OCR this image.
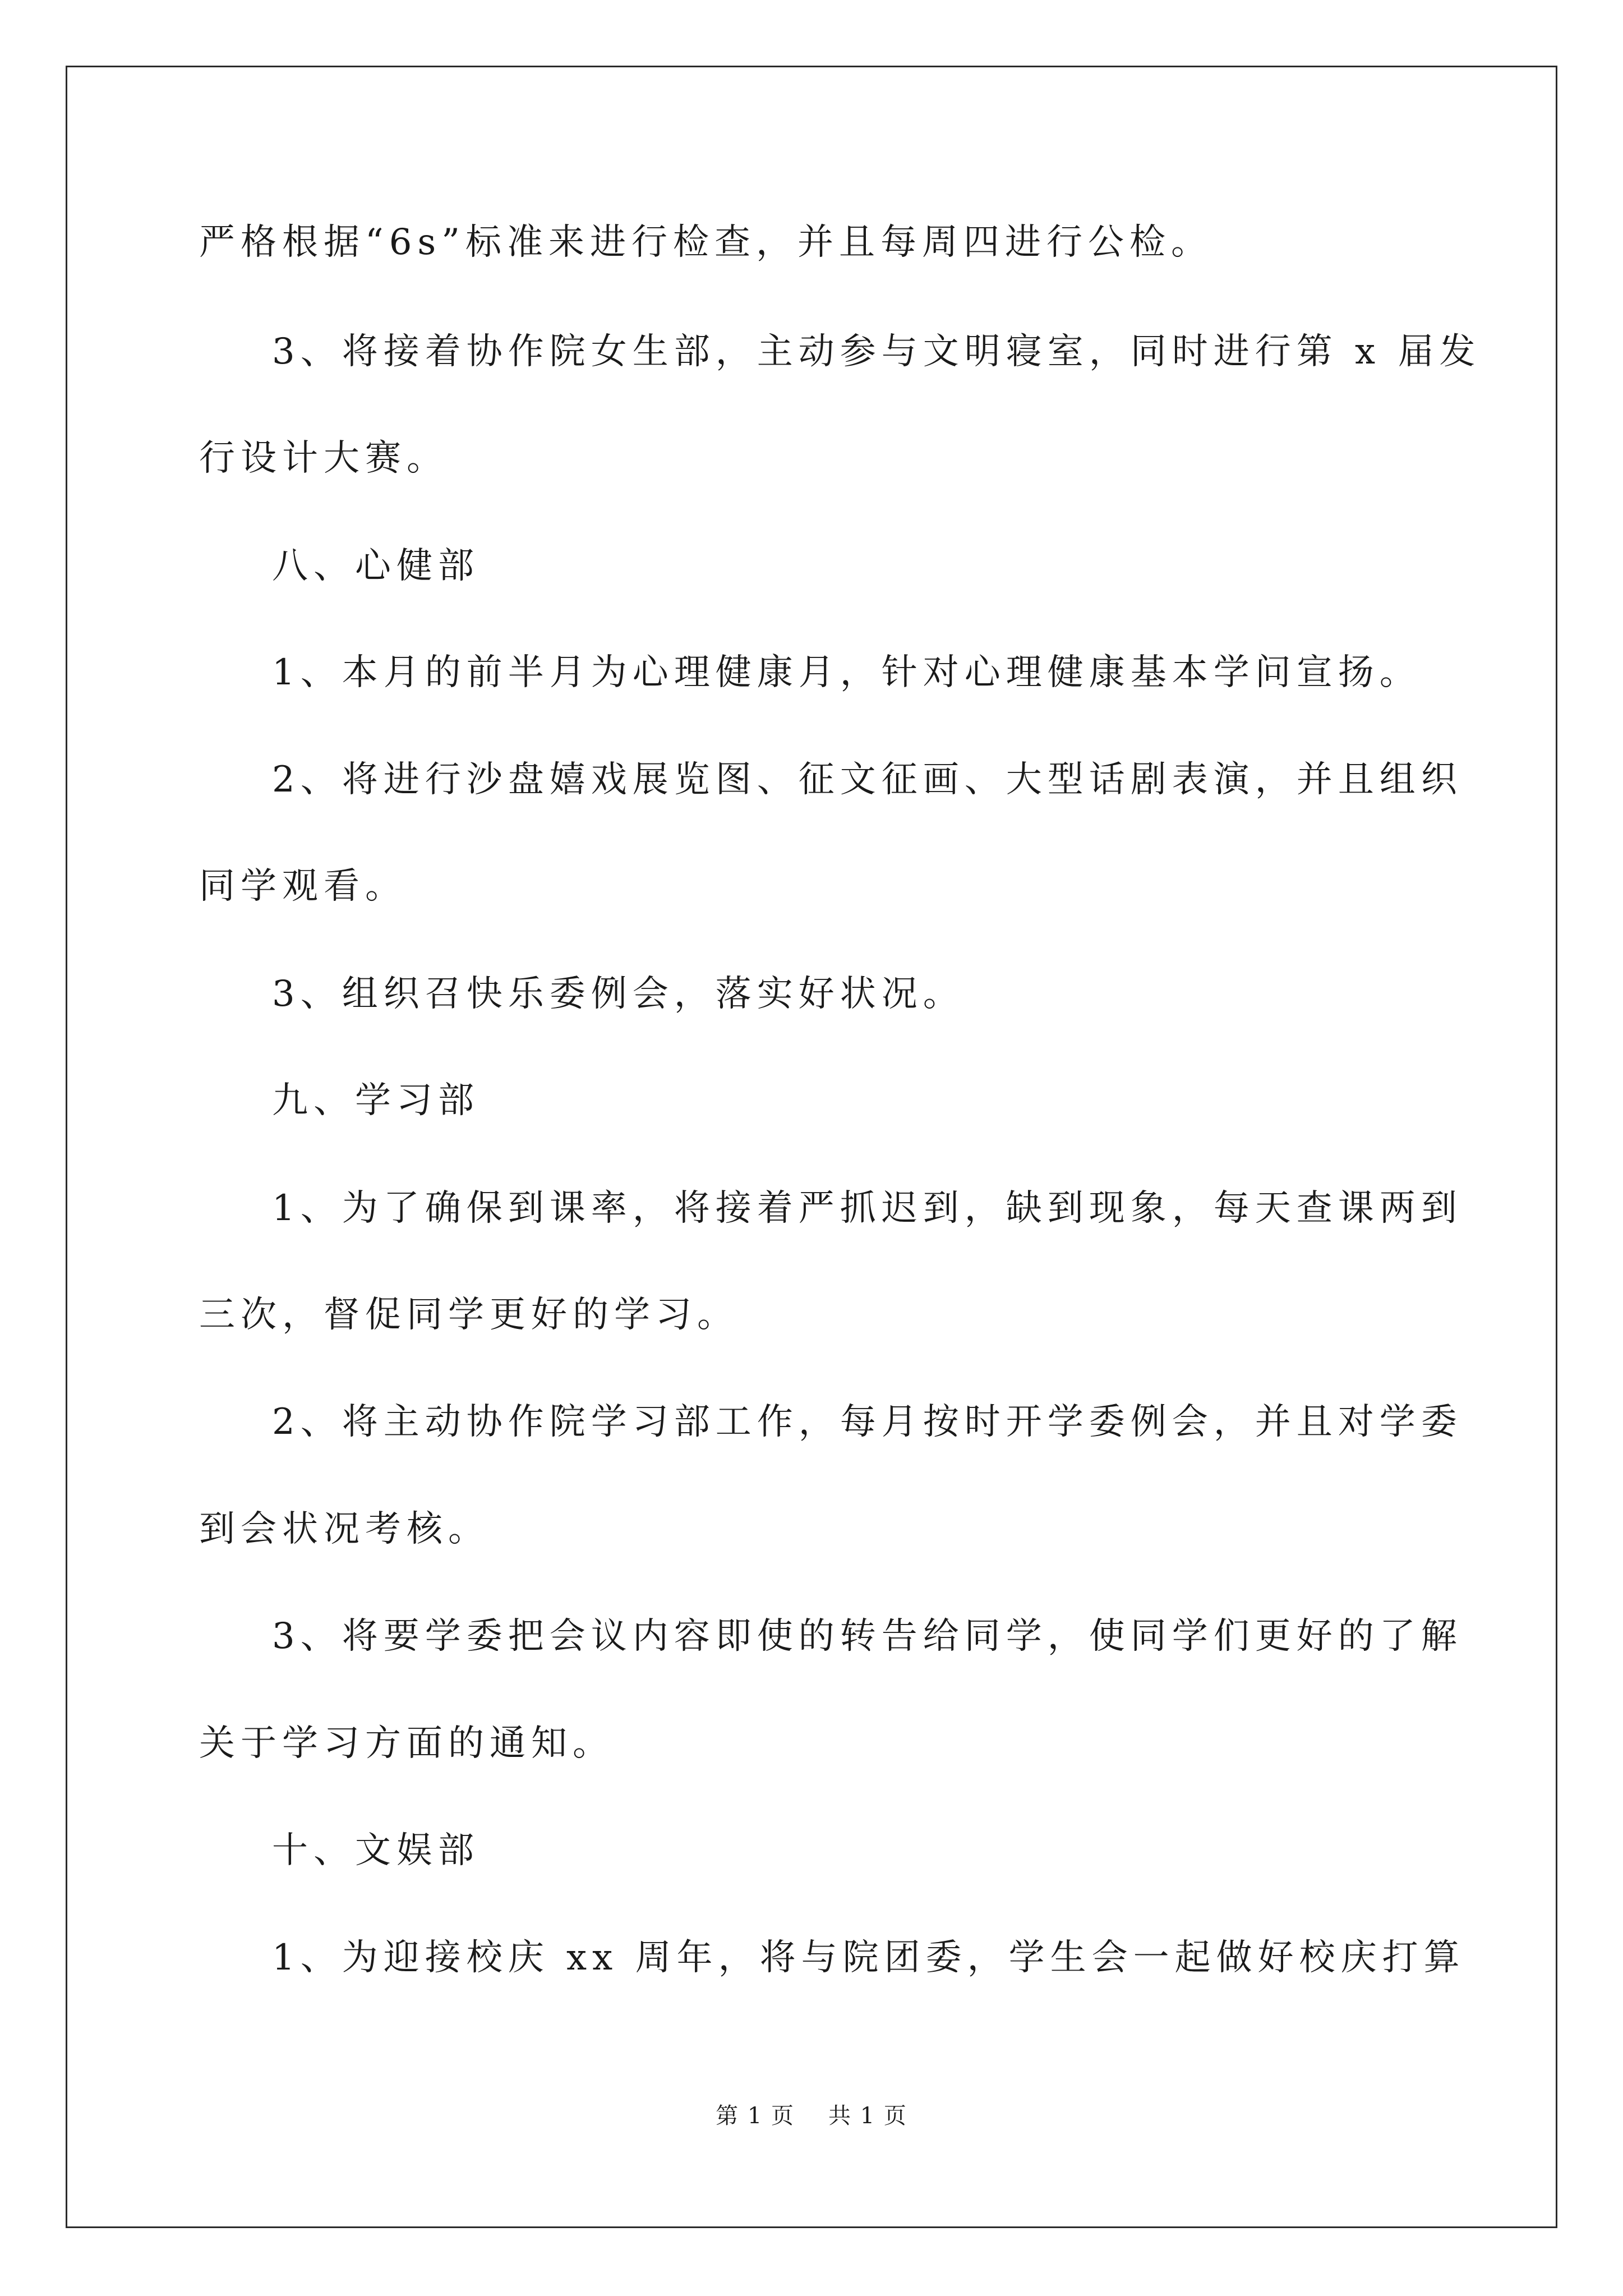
严格根据“6s”标准来进行检查，并且每周四进行公检。
3、将接着协作院女生部，主动参与文明寝室，同时进行第 x 届发
行设计大赛。
八、心健部
1、本月的前半月为心理健康月，针对心理健康基本学问宣扬。
2、将进行沙盘嬉戏展览图、征文征画、大型话剧表演，并且组织
同学观看。
3、组织召快乐委例会，落实好状况。
九、学习部
1、为了确保到课率，将接着严抓迟到，缺到现象，每天查课两到
三次，督促同学更好的学习。
2、将主动协作院学习部工作，每月按时开学委例会，并且对学委
到会状况考核。
3、将要学委把会议内容即使的转告给同学，使同学们更好的了解
关于学习方面的通知。
十、文娱部
1、为迎接校庆 xx 周年，将与院团委，学生会一起做好校庆打算
第 1 页 共 1 页
